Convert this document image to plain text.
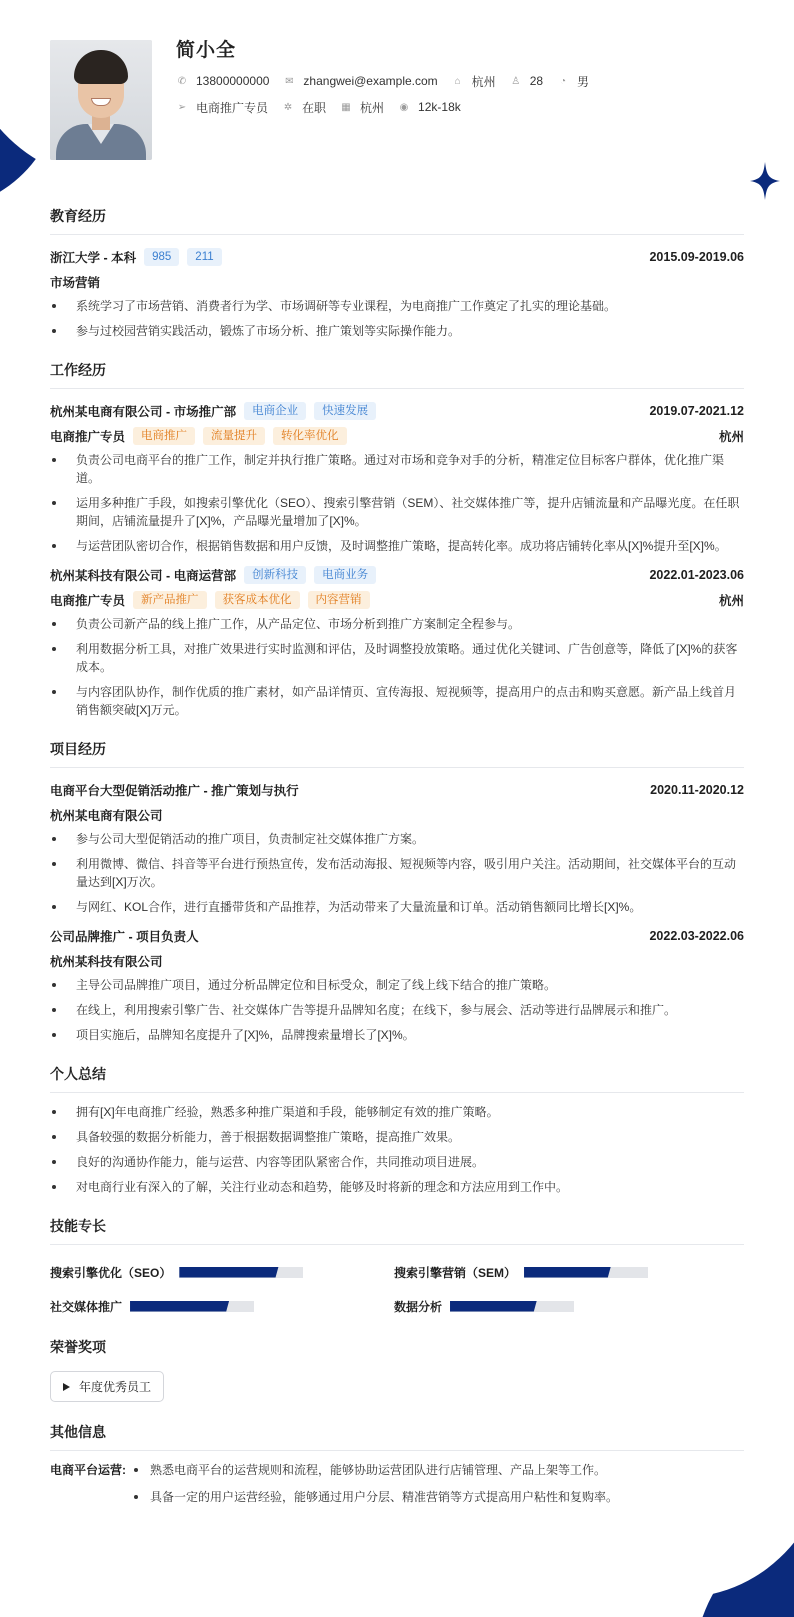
简小全
✆ 13800000000 ✉ zhangwei@example.com ⌂ 杭州 ♙ 28 ◔ 男
➢ 电商推广专员 ✲ 在职 ▦ 杭州 ◉ 12k-18k
教育经历
浙江大学 - 本科	985	211	2015.09-2019.06
市场营销
系统学习了市场营销、消费者行为学、市场调研等专业课程，为电商推广工作奠定了扎实的理论基础。
参与过校园营销实践活动，锻炼了市场分析、推广策划等实际操作能力。
工作经历
杭州某电商有限公司 - 市场推广部	电商企业	快速发展	2019.07-2021.12
电商推广专员	电商推广	流量提升	转化率优化	杭州
负责公司电商平台的推广工作，制定并执行推广策略。通过对市场和竞争对手的分析，精准定位目标客户群体，优化推广渠道。
运用多种推广手段，如搜索引擎优化（SEO）、搜索引擎营销（SEM）、社交媒体推广等，提升店铺流量和产品曝光度。在任职期间，店铺流量提升了[X]%，产品曝光量增加了[X]%。
与运营团队密切合作，根据销售数据和用户反馈，及时调整推广策略，提高转化率。成功将店铺转化率从[X]%提升至[X]%。
杭州某科技有限公司 - 电商运营部	创新科技	电商业务	2022.01-2023.06
电商推广专员	新产品推广	获客成本优化	内容营销	杭州
负责公司新产品的线上推广工作，从产品定位、市场分析到推广方案制定全程参与。
利用数据分析工具，对推广效果进行实时监测和评估，及时调整投放策略。通过优化关键词、广告创意等，降低了[X]%的获客成本。
与内容团队协作，制作优质的推广素材，如产品详情页、宣传海报、短视频等，提高用户的点击和购买意愿。新产品上线首月销售额突破[X]万元。
项目经历
电商平台大型促销活动推广 - 推广策划与执行	2020.11-2020.12
杭州某电商有限公司
参与公司大型促销活动的推广项目，负责制定社交媒体推广方案。
利用微博、微信、抖音等平台进行预热宣传，发布活动海报、短视频等内容，吸引用户关注。活动期间，社交媒体平台的互动量达到[X]万次。
与网红、KOL合作，进行直播带货和产品推荐，为活动带来了大量流量和订单。活动销售额同比增长[X]%。
公司品牌推广 - 项目负责人	2022.03-2022.06
杭州某科技有限公司
主导公司品牌推广项目，通过分析品牌定位和目标受众，制定了线上线下结合的推广策略。
在线上，利用搜索引擎广告、社交媒体广告等提升品牌知名度；在线下，参与展会、活动等进行品牌展示和推广。
项目实施后，品牌知名度提升了[X]%，品牌搜索量增长了[X]%。
个人总结
拥有[X]年电商推广经验，熟悉多种推广渠道和手段，能够制定有效的推广策略。
具备较强的数据分析能力，善于根据数据调整推广策略，提高推广效果。
良好的沟通协作能力，能与运营、内容等团队紧密合作，共同推动项目进展。
对电商行业有深入的了解，关注行业动态和趋势，能够及时将新的理念和方法应用到工作中。
技能专长
搜索引擎优化（SEO）	搜索引擎营销（SEM）
社交媒体推广	数据分析
荣誉奖项
年度优秀员工
其他信息
电商平台运营:	熟悉电商平台的运营规则和流程，能够协助运营团队进行店铺管理、产品上架等工作。
具备一定的用户运营经验，能够通过用户分层、精准营销等方式提高用户粘性和复购率。
